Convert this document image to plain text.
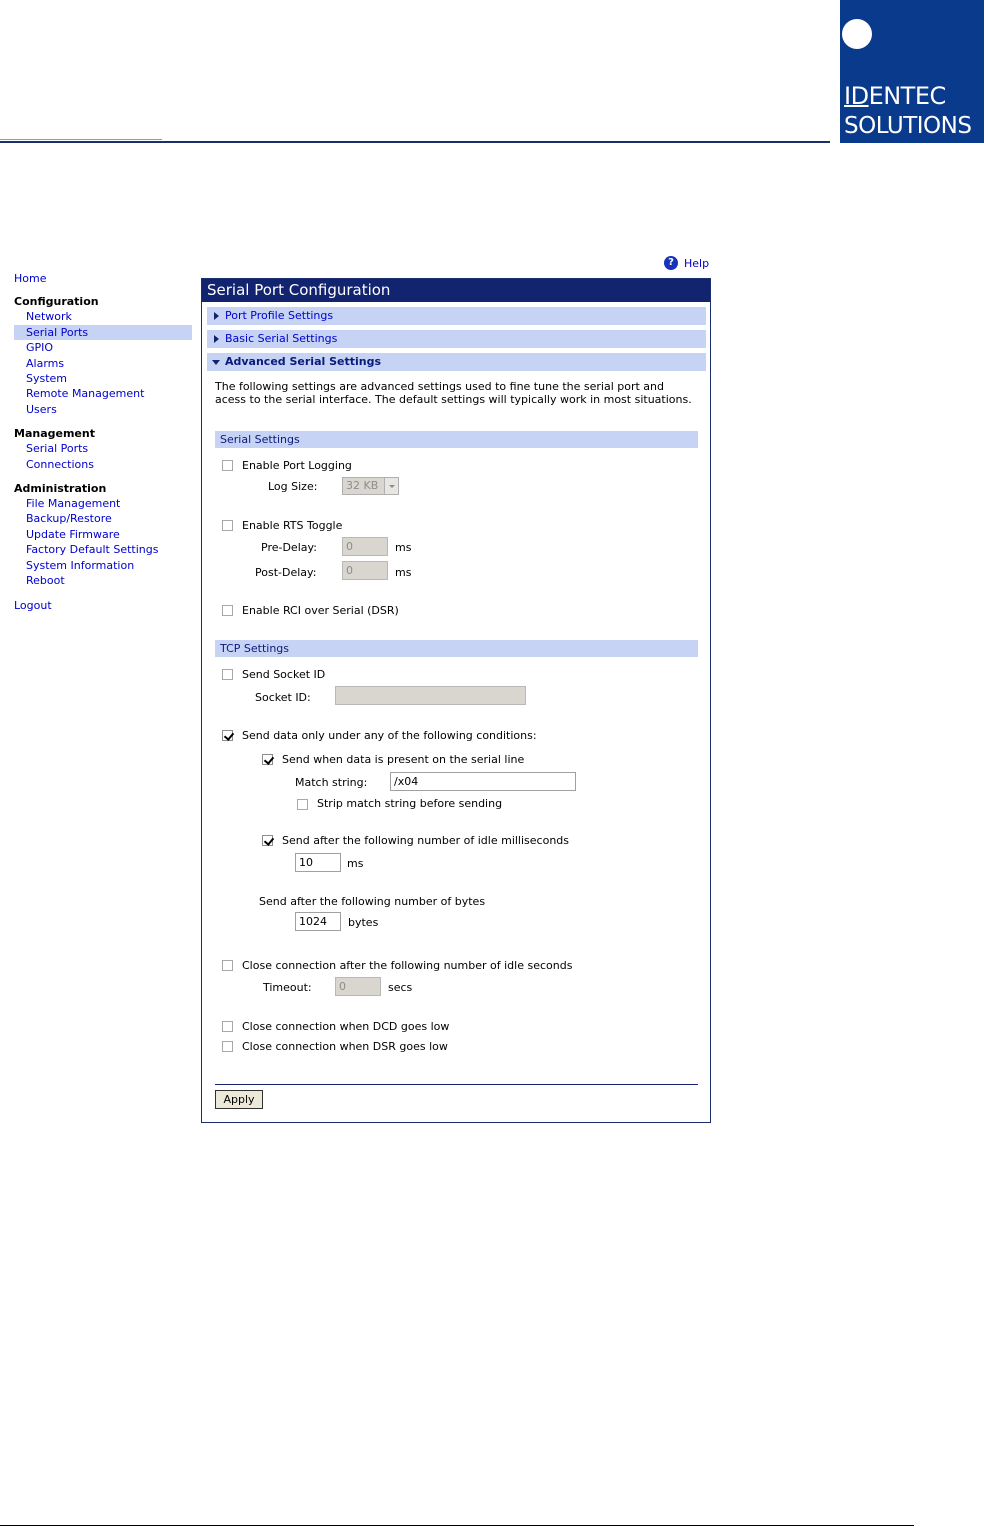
IDENTEC
SOLUTIONS
Home
Configuration
Network
Serial Ports
GPIO
Alarms
System
Remote Management
Users
Management
Serial Ports
Connections
Administration
File Management
Backup/Restore
Update Firmware
Factory Default Settings
System Information
Reboot
Logout
? Help
Serial Port Configuration
Port Profile Settings
Basic Serial Settings
Advanced Serial Settings
The following settings are advanced settings used to fine tune the serial port and acess to the serial interface. The default settings will typically work in most situations.
Serial Settings
Enable Port Logging
Log Size:	32 KB
Enable RTS Toggle
Pre-Delay:	0	ms
Post-Delay:	0	ms
Enable RCI over Serial (DSR)
TCP Settings
Send Socket ID
Socket ID:
Send data only under any of the following conditions:
Send when data is present on the serial line
Match string:	/x04
Strip match string before sending
Send after the following number of idle milliseconds
10	ms
Send after the following number of bytes
1024	bytes
Close connection after the following number of idle seconds
Timeout:	0	secs
Close connection when DCD goes low
Close connection when DSR goes low
Apply
